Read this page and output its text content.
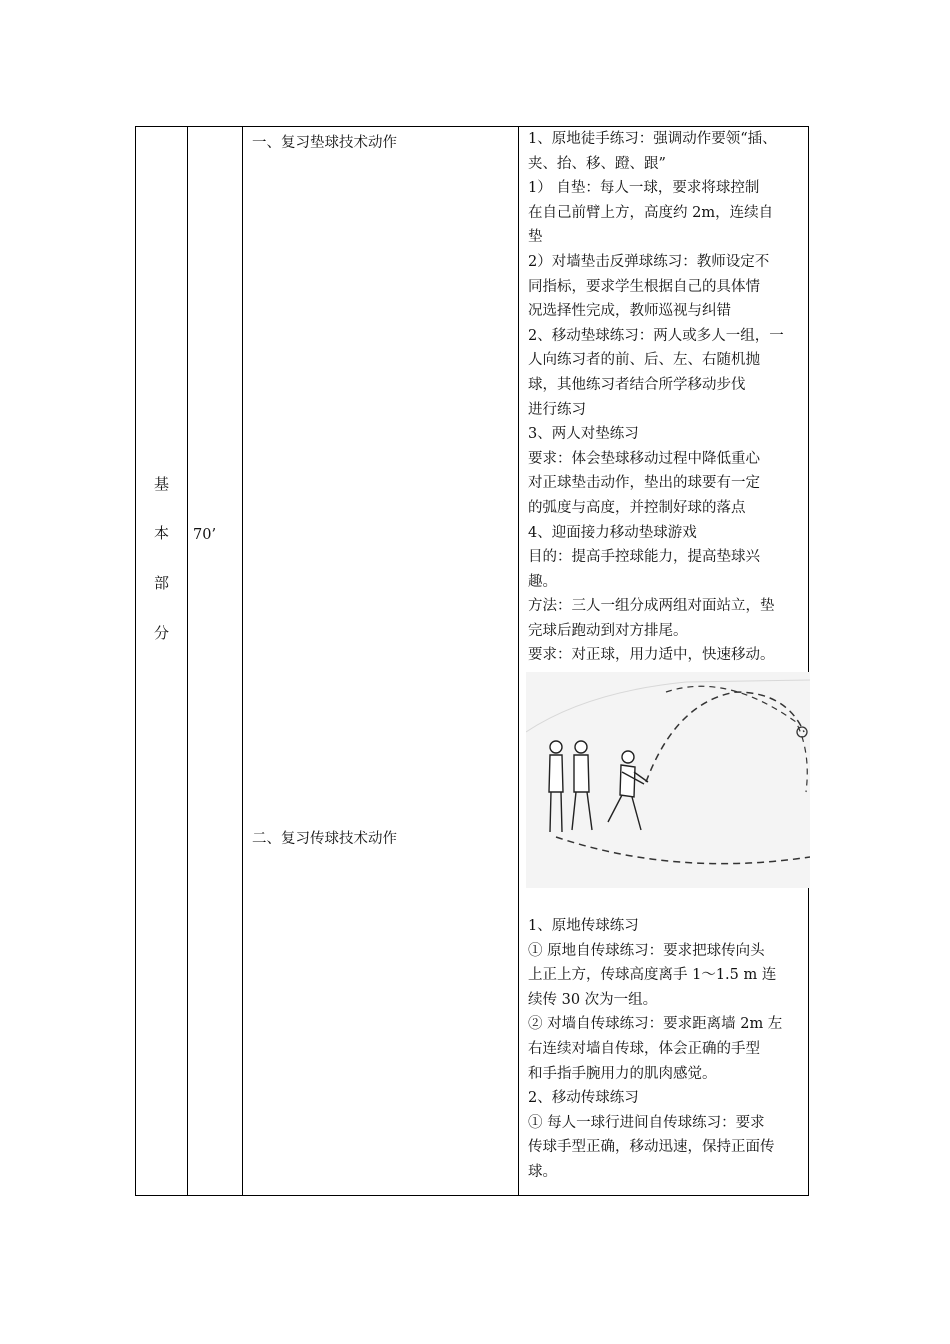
基
本
部
分
70’
一、复习垫球技术动作
二、复习传球技术动作

1、原地徒手练习：强调动作要领“插、

夹、抬、移、蹬、跟”

1） 自垫：每人一球，要求将球控制

在自己前臂上方，高度约 2m，连续自

垫

2）对墙垫击反弹球练习：教师设定不

同指标，要求学生根据自己的具体情

况选择性完成，教师巡视与纠错

2、移动垫球练习：两人或多人一组，一

人向练习者的前、后、左、右随机抛

球，其他练习者结合所学移动步伐

进行练习

3、两人对垫练习

要求：体会垫球移动过程中降低重心

对正球垫击动作，垫出的球要有一定

的弧度与高度，并控制好球的落点

4、迎面接力移动垫球游戏

目的：提高手控球能力，提高垫球兴

趣。

方法：三人一组分成两组对面站立，垫

完球后跑动到对方排尾。

要求：对正球，用力适中，快速移动。

1、原地传球练习

① 原地自传球练习：要求把球传向头

上正上方，传球高度离手 1～1.5 m 连

续传 30 次为一组。

② 对墙自传球练习：要求距离墙 2m 左

右连续对墙自传球，体会正确的手型

和手指手腕用力的肌肉感觉。

2、移动传球练习

① 每人一球行进间自传球练习：要求

传球手型正确，移动迅速，保持正面传

球。
